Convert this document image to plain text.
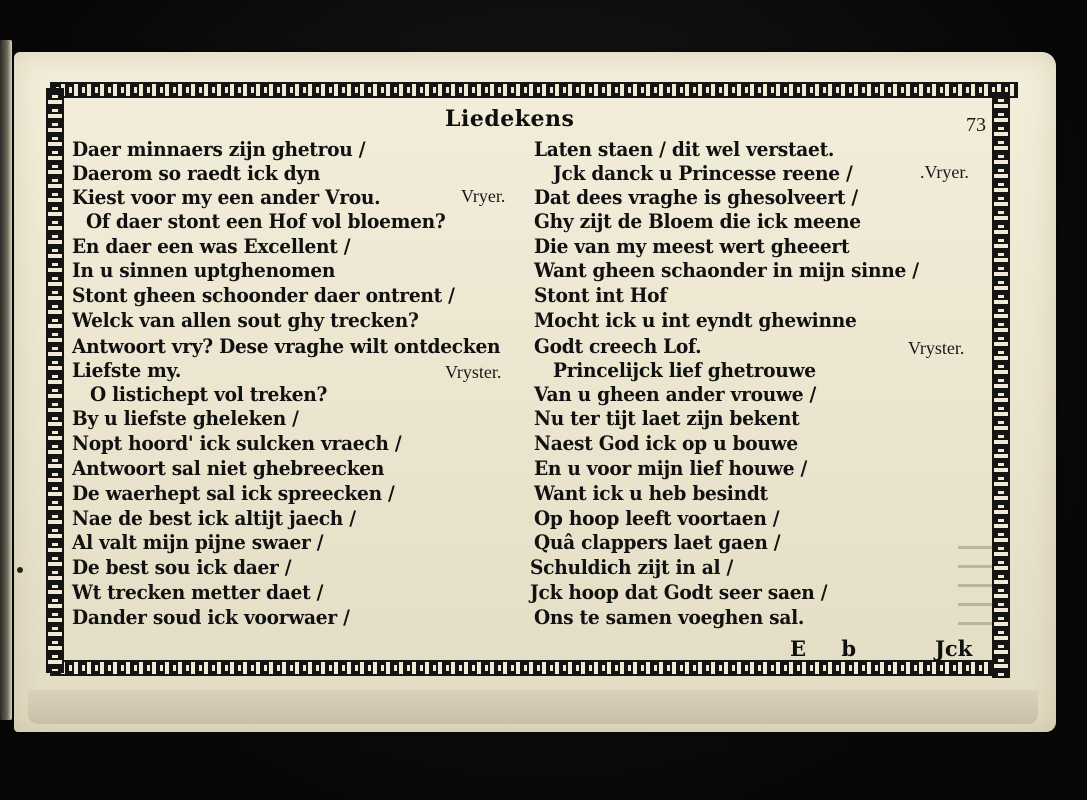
Liedekens	73
Daer minnaers zijn ghetrou /
Daerom so raedt ick dyn
Kiest voor my een ander Vrou.
Of daer stont een Hof vol bloemen?
En daer een was Excellent /
In u sinnen uptghenomen
Stont gheen schoonder daer ontrent /
Welck van allen sout ghy trecken?
Antwoort vry? Dese vraghe wilt ontdecken
Liefste my.
O listichept vol treken?
By u liefste gheleken /
Nopt hoord' ick sulcken vraech /
Antwoort sal niet ghebreecken
De waerhept sal ick spreecken /
Nae de best ick altijt jaech /
Al valt mijn pijne swaer /
De best sou ick daer /
Wt trecken metter daet /
Dander soud ick voorwaer /
Vryer.
Vryster.
Laten staen / dit wel verstaet.
Jck danck u Princesse reene /
Dat dees vraghe is ghesolveert /
Ghy zijt de Bloem die ick meene
Die van my meest wert gheeert
Want gheen schaonder in mijn sinne /
Stont int Hof
Mocht ick u int eyndt ghewinne
Godt creech Lof.
Princelijck lief ghetrouwe
Van u gheen ander vrouwe /
Nu ter tijt laet zijn bekent
Naest God ick op u bouwe
En u voor mijn lief houwe /
Want ick u heb besindt
Op hoop leeft voortaen /
Quâ clappers laet gaen /
Schuldich zijt in al /
Jck hoop dat Godt seer saen /
Ons te samen voeghen sal.
.Vryer.
Vryster.
E b	Jck
